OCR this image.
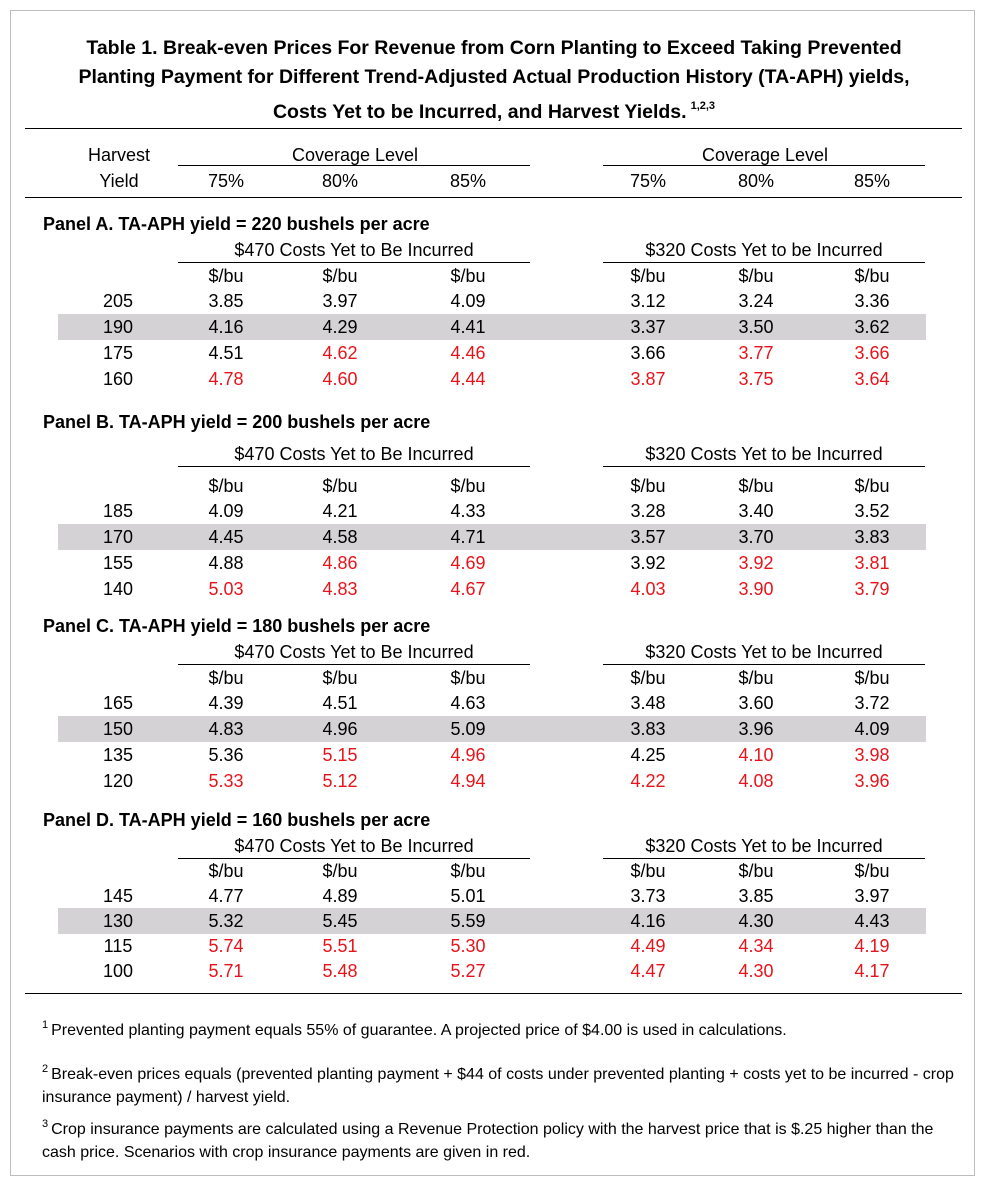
Table 1. Break-even Prices For Revenue from Corn Planting to Exceed Taking Prevented
Planting Payment for Different Trend-Adjusted Actual Production History (TA-APH) yields,
Costs Yet to be Incurred, and Harvest Yields. $^{1,2,3}$
Harvest
Yield
Coverage Level	Coverage Level
75%	80%	85%	75%	80%	85%
Panel A. TA-APH yield = 220 bushels per acre
$470 Costs Yet to Be Incurred	$320 Costs Yet to be Incurred
$/bu	$/bu	$/bu	$/bu	$/bu	$/bu
205	3.85	3.97	4.09	3.12	3.24	3.36
190	4.16	4.29	4.41	3.37	3.50	3.62
175	4.51	4.62	4.46	3.66	3.77	3.66
160	4.78	4.60	4.44	3.87	3.75	3.64
Panel B. TA-APH yield = 200 bushels per acre
$470 Costs Yet to Be Incurred	$320 Costs Yet to be Incurred
$/bu	$/bu	$/bu	$/bu	$/bu	$/bu
185	4.09	4.21	4.33	3.28	3.40	3.52
170	4.45	4.58	4.71	3.57	3.70	3.83
155	4.88	4.86	4.69	3.92	3.92	3.81
140	5.03	4.83	4.67	4.03	3.90	3.79
Panel C. TA-APH yield = 180 bushels per acre
$470 Costs Yet to Be Incurred	$320 Costs Yet to be Incurred
$/bu	$/bu	$/bu	$/bu	$/bu	$/bu
165	4.39	4.51	4.63	3.48	3.60	3.72
150	4.83	4.96	5.09	3.83	3.96	4.09
135	5.36	5.15	4.96	4.25	4.10	3.98
120	5.33	5.12	4.94	4.22	4.08	3.96
Panel D. TA-APH yield = 160 bushels per acre
$470 Costs Yet to Be Incurred	$320 Costs Yet to be Incurred
$/bu	$/bu	$/bu	$/bu	$/bu	$/bu
145	4.77	4.89	5.01	3.73	3.85	3.97
130	5.32	5.45	5.59	4.16	4.30	4.43
115	5.74	5.51	5.30	4.49	4.34	4.19
100	5.71	5.48	5.27	4.47	4.30	4.17
$^1$ Prevented planting payment equals 55% of guarantee. A projected price of $4.00 is used in calculations.
$^2$ Break-even prices equals (prevented planting payment + $44 of costs under prevented planting + costs yet to be incurred - crop insurance payment) / harvest yield.
$^3$ Crop insurance payments are calculated using a Revenue Protection policy with the harvest price that is $.25 higher than the cash price. Scenarios with crop insurance payments are given in red.
